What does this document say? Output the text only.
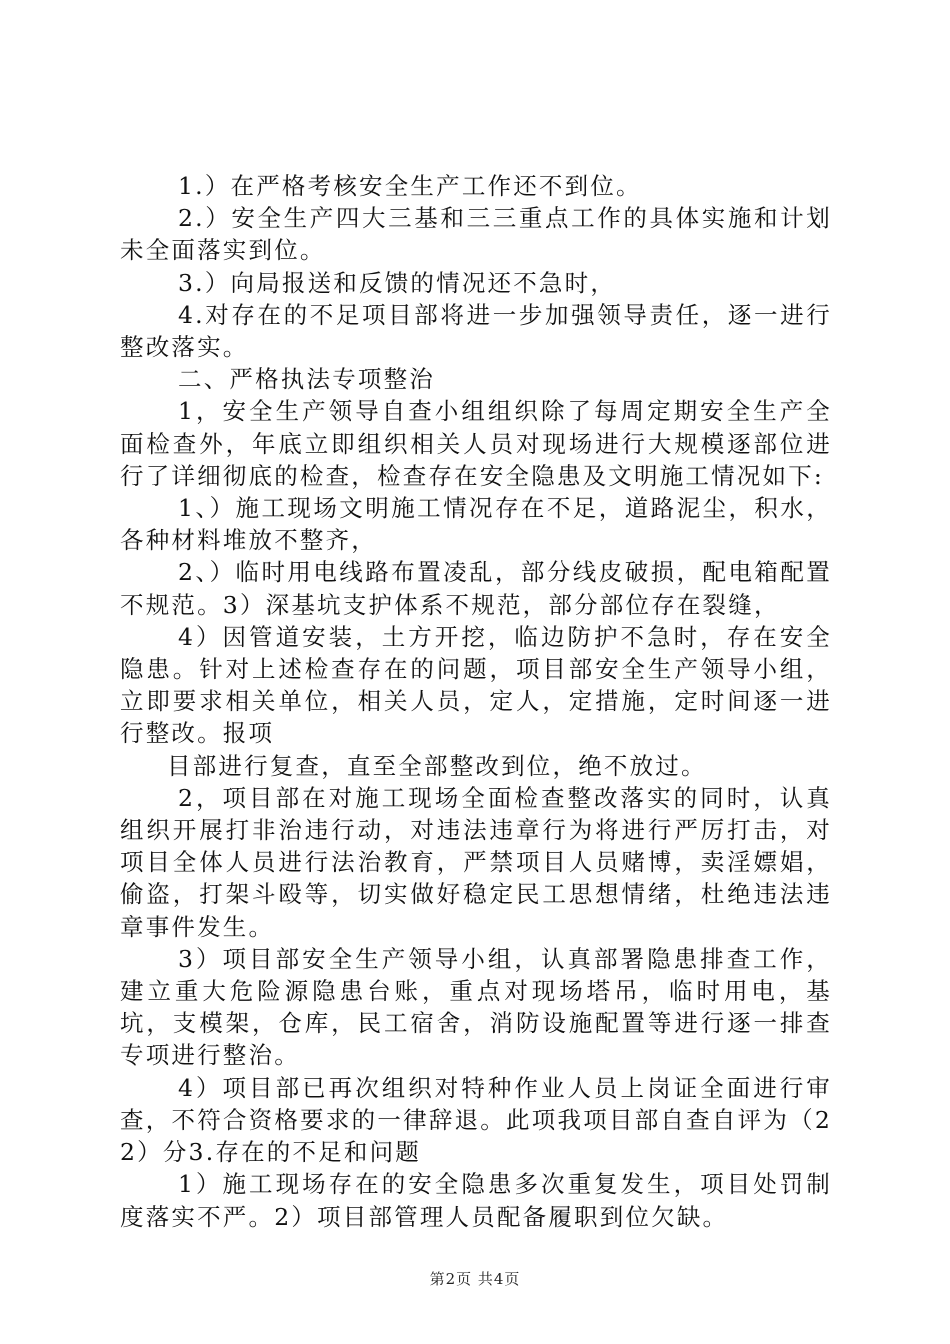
1.）在严格考核安全生产工作还不到位。

2.）安全生产四大三基和三三重点工作的具体实施和计划未全面落实到位。

3.）向局报送和反馈的情况还不急时，

4.对存在的不足项目部将进一步加强领导责任，逐一进行整改落实。

二、严格执法专项整治

1，安全生产领导自查小组组织除了每周定期安全生产全面检查外，年底立即组织相关人员对现场进行大规模逐部位进行了详细彻底的检查，检查存在安全隐患及文明施工情况如下:

1、）施工现场文明施工情况存在不足，道路泥尘，积水，各种材料堆放不整齐，

2、）临时用电线路布置凌乱，部分线皮破损，配电箱配置不规范。3）深基坑支护体系不规范，部分部位存在裂缝，

4）因管道安装，土方开挖，临边防护不急时，存在安全隐患。针对上述检查存在的问题，项目部安全生产领导小组，立即要求相关单位，相关人员，定人，定措施，定时间逐一进行整改。报项

目部进行复查，直至全部整改到位，绝不放过。

2，项目部在对施工现场全面检查整改落实的同时，认真组织开展打非治违行动，对违法违章行为将进行严厉打击，对项目全体人员进行法治教育，严禁项目人员赌博，卖淫嫖娼，偷盗，打架斗殴等，切实做好稳定民工思想情绪，杜绝违法违章事件发生。

3）项目部安全生产领导小组，认真部署隐患排查工作，建立重大危险源隐患台账，重点对现场塔吊，临时用电，基坑，支模架，仓库，民工宿舍，消防设施配置等进行逐一排查专项进行整治。

4）项目部已再次组织对特种作业人员上岗证全面进行审查，不符合资格要求的一律辞退。此项我项目部自查自评为（22）分3.存在的不足和问题

1）施工现场存在的安全隐患多次重复发生，项目处罚制度落实不严。2）项目部管理人员配备履职到位欠缺。

第2页 共4页
